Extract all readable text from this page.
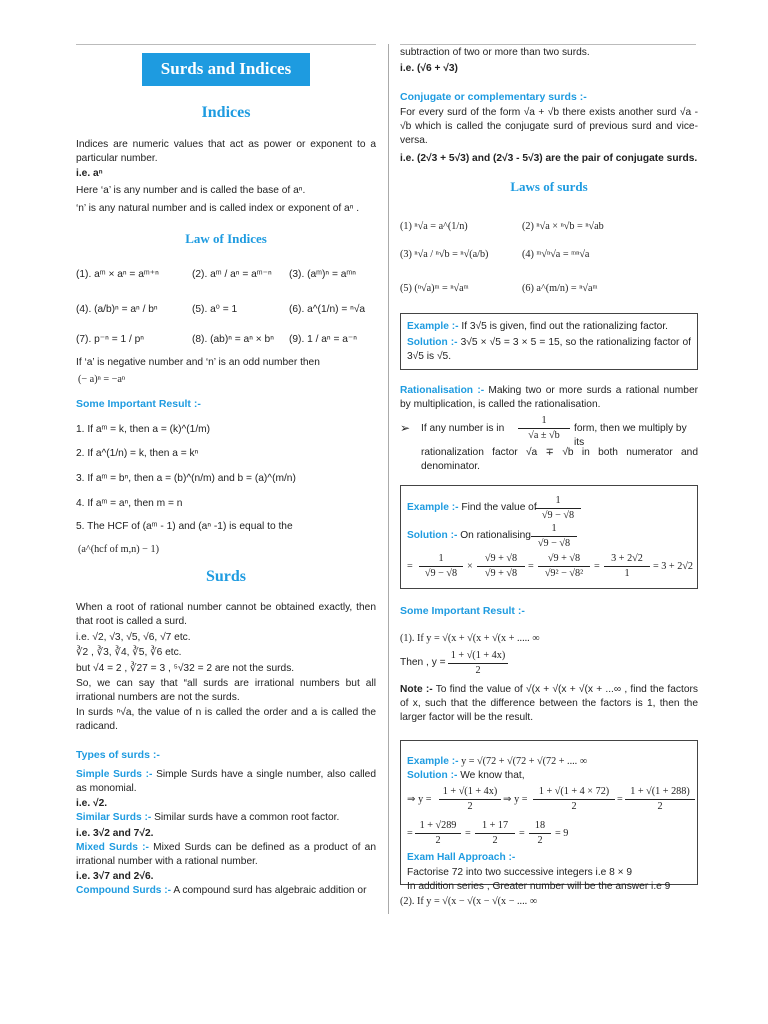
Surds and Indices
Indices
Indices are numeric values that act as power or exponent to a particular number.
i.e. aⁿ
Here ‘a’ is any number and is called the base of aⁿ.
‘n’ is any natural number and is called index or exponent of aⁿ .
Law of Indices
(1). aᵐ × aⁿ = aᵐ⁺ⁿ	(2). aᵐ / aⁿ = aᵐ⁻ⁿ (3). (aᵐ)ⁿ = aᵐⁿ
(4). (a/b)ⁿ = aⁿ / bⁿ	(5). a⁰ = 1	(6). a^(1/n) = ⁿ√a
(7). p⁻ⁿ = 1 / pⁿ	(8). (ab)ⁿ = aⁿ × bⁿ (9). 1 / aⁿ = a⁻ⁿ
If ‘a’ is negative number and ‘n’ is an odd number then
(− a)ⁿ = −aⁿ
Some Important Result :-
1. If aᵐ = k, then a = (k)^(1/m)
2. If a^(1/n) = k, then a = kⁿ
3. If aᵐ = bⁿ, then a = (b)^(n/m) and b = (a)^(m/n)
4. If aᵐ = aⁿ, then m = n
5. The HCF of (aᵐ - 1) and (aⁿ -1) is equal to the
(a^(hcf of m,n) − 1)
Surds
When a root of rational number cannot be obtained exactly, then that root is called a surd.
i.e. √2, √3, √5, √6, √7 etc.
∛2 , ∛3, ∛4, ∛5, ∛6 etc.
but √4 = 2 , ∛27 = 3 , ⁵√32 = 2 are not the surds.
So, we can say that “all surds are irrational numbers but all irrational numbers are not the surds.
In surds ⁿ√a, the value of n is called the order and a is called the radicand.
Types of surds :-
Simple Surds :- Simple Surds have a single number, also called as monomial.
i.e. √2.
Similar Surds :- Similar surds have a common root factor.
i.e. 3√2 and 7√2.
Mixed Surds :- Mixed Surds can be defined as a product of an irrational number with a rational number.
i.e. 3√7 and 2√6.
Compound Surds :- A compound surd has algebraic addition or
subtraction of two or more than two surds.
i.e. (√6 + √3)
Conjugate or complementary surds :-
For every surd of the form √a + √b there exists another surd √a - √b which is called the conjugate surd of previous surd and vice-versa.
i.e. (2√3 + 5√3) and (2√3 - 5√3) are the pair of conjugate surds.
Laws of surds
(1) ⁿ√a = a^(1/n)	(2) ⁿ√a × ⁿ√b = ⁿ√ab
(3) ⁿ√a / ⁿ√b = ⁿ√(a/b)	(4) ᵐ√ⁿ√a = ᵐⁿ√a
(5) (ⁿ√a)ᵐ = ⁿ√aᵐ	(6) a^(m/n) = ⁿ√aᵐ
Example :- If 3√5 is given, find out the rationalizing factor.
Solution :- 3√5 × √5 = 3 × 5 = 15, so the rationalizing factor of 3√5 is √5.
Rationalisation :- Making two or more surds a rational number by multiplication, is called the rationalisation.
➢ If any number is in $\frac{1}{√a \pm √b}$ form, then we multiply by its
rationalization factor √a ∓ √b in both numerator and denominator.
Example :- Find the value of
$\frac{1}{√9 - √8}$
Solution :- On rationalising $\frac{1}{√9 - √8}$
= $\frac{1}{√9 - √8} \times \frac{√9 + √8}{√9 + √8} = \frac{√9 + √8}{\text{√9² − √8²}} = \frac{3 + 2√2}{1} = 3 + 2√2$
Some Important Result :-
(1). If y = √(x + √(x + √(x + ..... ∞
Then , $y = \frac{1 + √(1 + 4x)}{2}$
Note :- To find the value of √(x + √(x + √(x + ...∞ , find the factors of x, such that the difference between the factors is 1, then the larger factor will be the result.
Example :- y = √(72 + √(72 + √(72 + .... ∞
Solution :- We know that,
⇒ $y = \frac{1 + √(1 + 4x)}{2}$ ⇒ $y = \frac{1 + √(1 + 4 \times 72)}{2} = \frac{1 + √(1 + 288)}{2}$
= $\frac{1 + √289}{2} = \frac{1 + 17}{2} = \frac{18}{2} = 9$
Exam Hall Approach :-
Factorise 72 into two successive integers i.e 8 × 9
In addition series , Greater number will be the answer i.e 9
(2). If y = √(x − √(x − √(x − .... ∞
